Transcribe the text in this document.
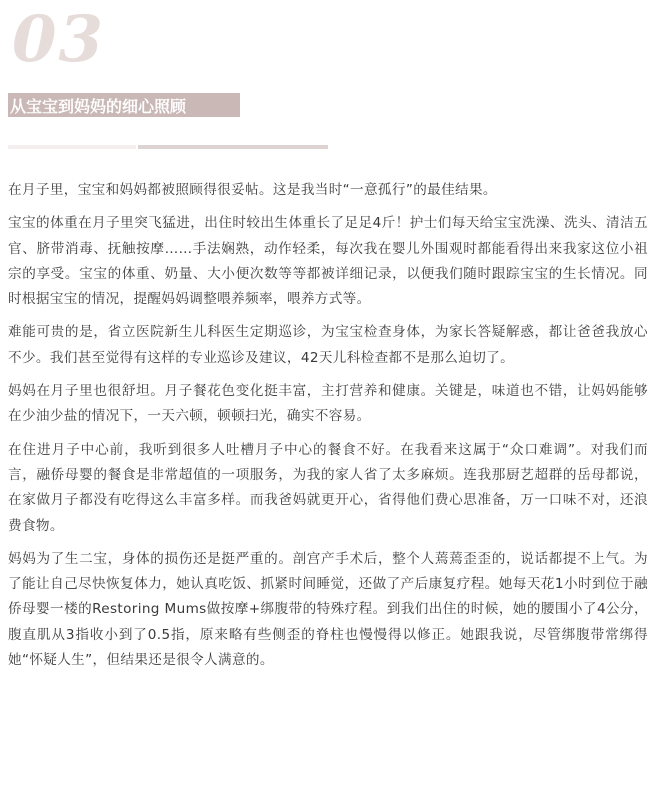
03
从宝宝到妈妈的细心照顾

在月子里，宝宝和妈妈都被照顾得很妥帖。这是我当时“一意孤行”的最佳结果。

宝宝的体重在月子里突飞猛进，出住时较出生体重长了足足4斤！护士们每天给宝宝洗澡、洗头、清洁五官、脐带消毒、抚触按摩……手法娴熟，动作轻柔，每次我在婴儿外围观时都能看得出来我家这位小祖宗的享受。宝宝的体重、奶量、大小便次数等等都被详细记录，以便我们随时跟踪宝宝的生长情况。同时根据宝宝的情况，提醒妈妈调整喂养频率，喂养方式等。

难能可贵的是，省立医院新生儿科医生定期巡诊，为宝宝检查身体，为家长答疑解惑，都让爸爸我放心不少。我们甚至觉得有这样的专业巡诊及建议，42天儿科检查都不是那么迫切了。

妈妈在月子里也很舒坦。月子餐花色变化挺丰富，主打营养和健康。关键是，味道也不错，让妈妈能够在少油少盐的情况下，一天六顿，顿顿扫光，确实不容易。

在住进月子中心前，我听到很多人吐槽月子中心的餐食不好。在我看来这属于“众口难调”。对我们而言，融侨母婴的餐食是非常超值的一项服务，为我的家人省了太多麻烦。连我那厨艺超群的岳母都说，在家做月子都没有吃得这么丰富多样。而我爸妈就更开心，省得他们费心思准备，万一口味不对，还浪费食物。

妈妈为了生二宝，身体的损伤还是挺严重的。剖宫产手术后，整个人蔫蔫歪歪的，说话都提不上气。为了能让自己尽快恢复体力，她认真吃饭、抓紧时间睡觉，还做了产后康复疗程。她每天花1小时到位于融侨母婴一楼的Restoring Mums做按摩+绑腹带的特殊疗程。到我们出住的时候，她的腰围小了4公分，腹直肌从3指收小到了0.5指，原来略有些侧歪的脊柱也慢慢得以修正。她跟我说，尽管绑腹带常绑得她“怀疑人生”，但结果还是很令人满意的。
